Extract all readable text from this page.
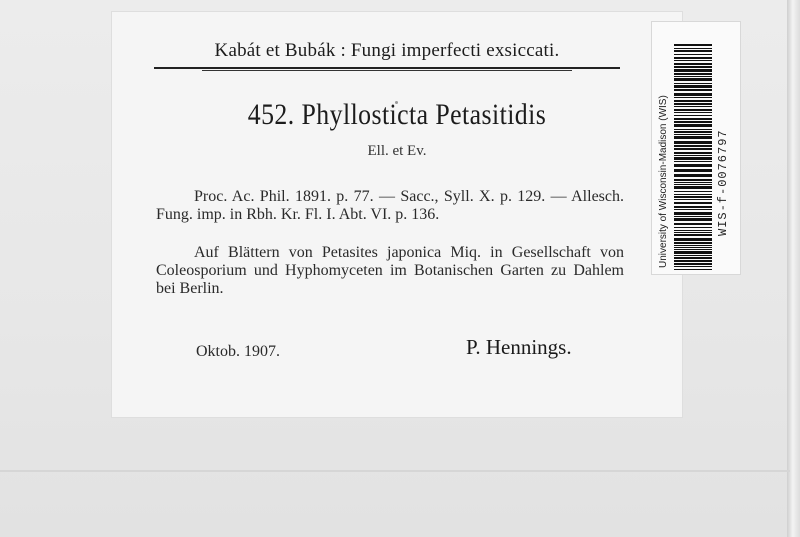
Kabát et Bubák : Fungi imperfecti exsiccati.
452. Phyllosticta Petasitidis
Ell. et Ev.
Proc. Ac. Phil. 1891. p. 77. — Sacc., Syll. X. p. 129. — Allesch. Fung. imp. in Rbh. Kr. Fl. I. Abt. VI. p. 136.
Auf Blättern von Petasites japonica Miq. in Gesellschaft von Coleosporium und Hyphomyceten im Botanischen Garten zu Dahlem bei Berlin.
Oktob. 1907.	P. Hennings.
University of Wisconsin-Madison (WIS)	WIS-f-0076797
